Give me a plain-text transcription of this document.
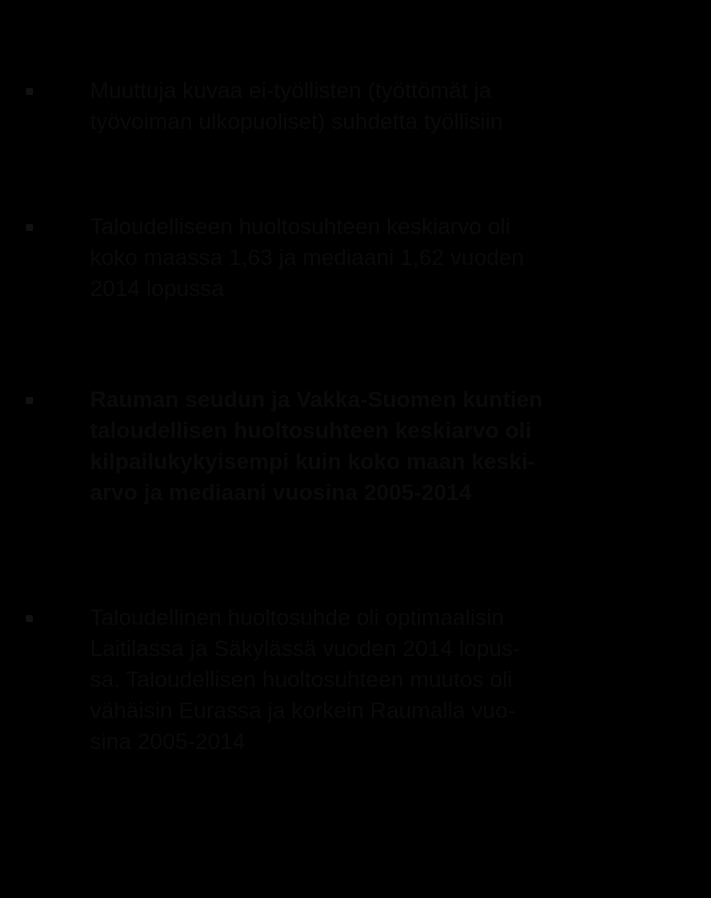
Muuttuja kuvaa ei-työllisten (työttömät ja
työvoiman ulkopuoliset) suhdetta työllisiin
Taloudelliseen huoltosuhteen keskiarvo oli
koko maassa 1,63 ja mediaani 1,62 vuoden
2014 lopussa
Rauman seudun ja Vakka-Suomen kuntien
taloudellisen huoltosuhteen keskiarvo oli
kilpailukykyisempi kuin koko maan keski-
arvo ja mediaani vuosina 2005-2014
Taloudellinen huoltosuhde oli optimaalisin
Laitilassa ja Säkylässä vuoden 2014 lopus-
sa. Taloudellisen huoltosuhteen muutos oli
vähäisin Eurassa ja korkein Raumalla vuo-
sina 2005-2014
